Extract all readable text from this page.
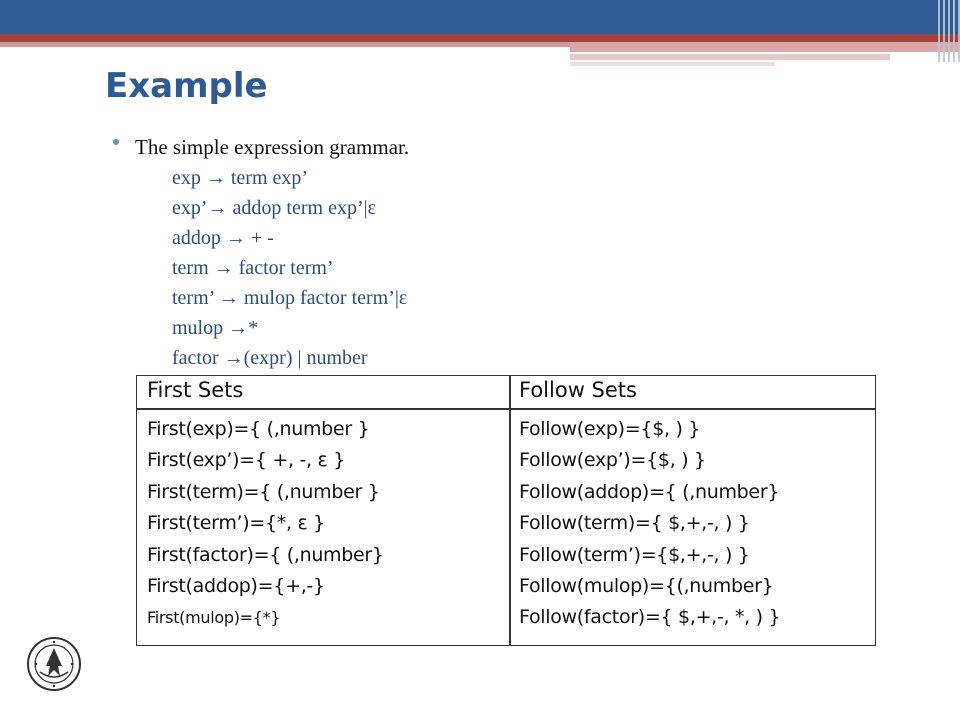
Example
The simple expression grammar.
exp → term exp’
exp’→ addop term exp’|ε
addop → + -
term → factor term’
term’ → mulop factor term’|ε
mulop →*
factor →(expr) | number
First Sets	Follow Sets
First(exp)={ (,number }
First(exp’)={ +, -, ε }
First(term)={ (,number }
First(term’)={*, ε }
First(factor)={ (,number}
First(addop)={+,-}
First(mulop)={*}
Follow(exp)={$, ) }
Follow(exp’)={$, ) }
Follow(addop)={ (,number}
Follow(term)={ $,+,-, ) }
Follow(term’)={$,+,-, ) }
Follow(mulop)={(,number}
Follow(factor)={ $,+,-, *, ) }
